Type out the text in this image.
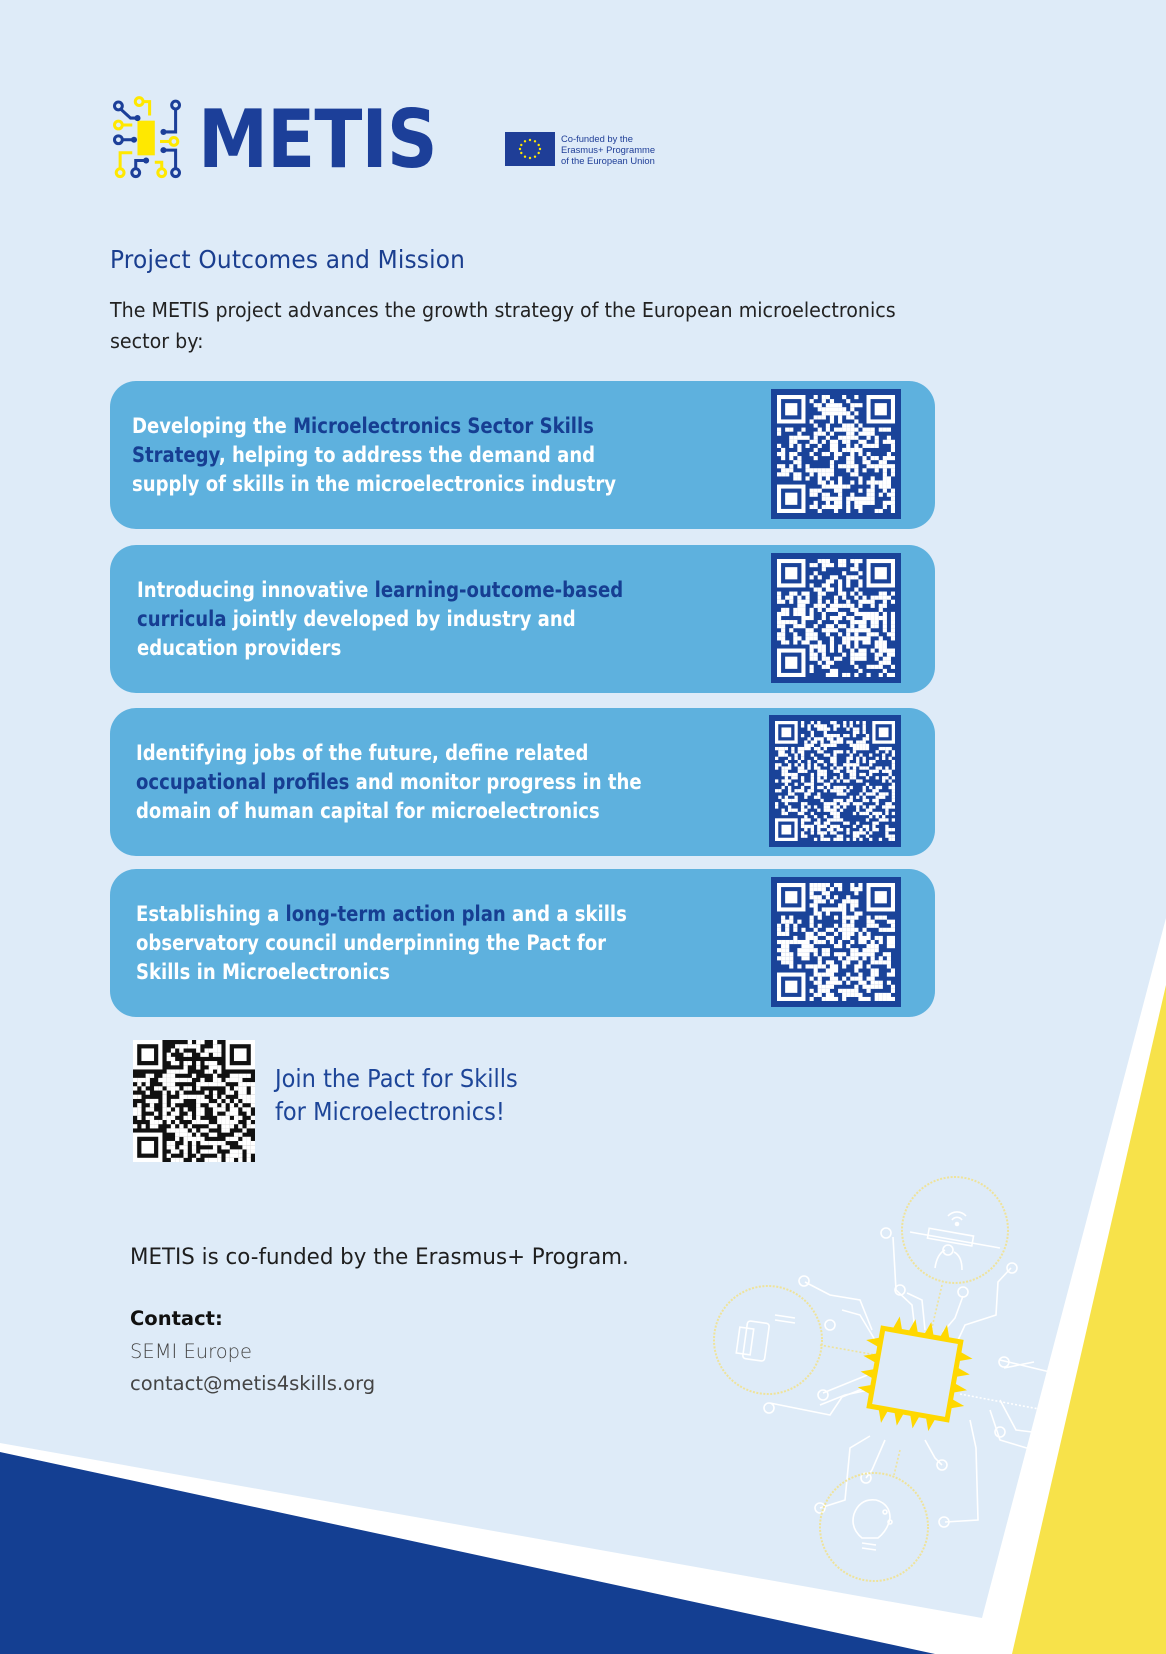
METIS	Co-funded by the
Erasmus+ Programme
of the European Union
Project Outcomes and Mission
The METIS project advances the growth strategy of the European microelectronics sector by:
Developing the Microelectronics Sector Skills Strategy, helping to address the demand and supply of skills in the microelectronics industry
Introducing innovative learning-outcome-based curricula jointly developed by industry and education providers
Identifying jobs of the future, define related occupational profiles and monitor progress in the domain of human capital for microelectronics
Establishing a long-term action plan and a skills observatory council underpinning the Pact for Skills in Microelectronics
Join the Pact for Skills
for Microelectronics!
METIS is co-funded by the Erasmus+ Program.
Contact:
SEMI Europe
contact@metis4skills.org
